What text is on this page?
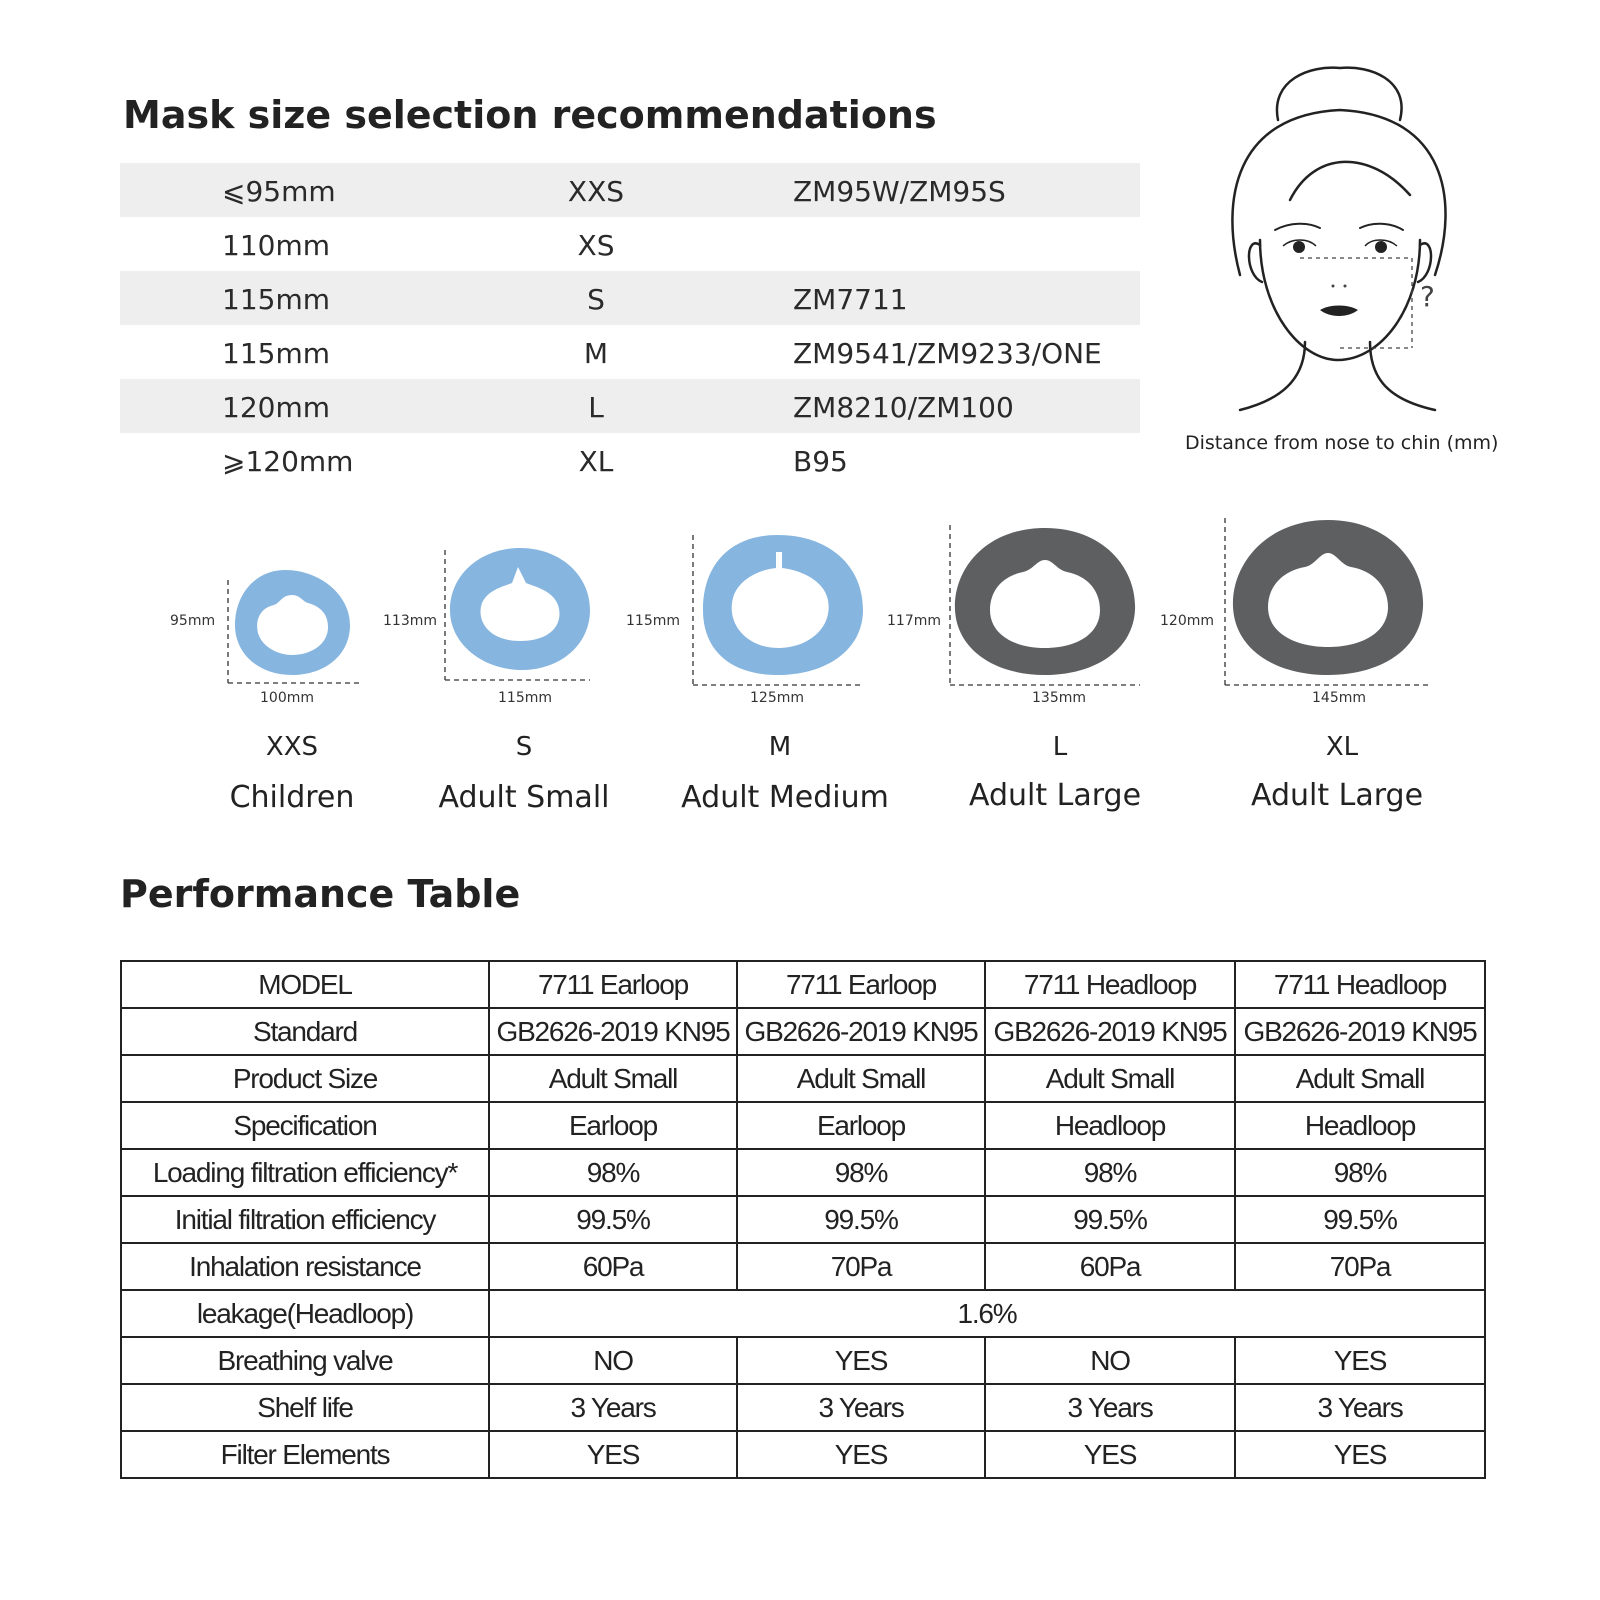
Mask size selection recommendations
⩽95mm	XXS	ZM95W/ZM95S
110mm	XS
115mm	S	ZM7711
115mm	M	ZM9541/ZM9233/ONE
120mm	L	ZM8210/ZM100
⩾120mm	XL	B95
?
Distance from nose to chin (mm)
95mm
100mm
XXS
Children
113mm
115mm
S
Adult Small
115mm
125mm
M
Adult Medium
117mm
135mm
L
Adult Large
120mm
145mm
XL
Adult Large
Performance Table
MODEL	7711 Earloop	7711 Earloop	7711 Headloop	7711 Headloop
Standard	GB2626-2019 KN95	GB2626-2019 KN95	GB2626-2019 KN95	GB2626-2019 KN95
Product Size	Adult Small	Adult Small	Adult Small	Adult Small
Specification	Earloop	Earloop	Headloop	Headloop
Loading filtration efficiency*	98%	98%	98%	98%
Initial filtration efficiency	99.5%	99.5%	99.5%	99.5%
Inhalation resistance	60Pa	70Pa	60Pa	70Pa
leakage(Headloop)	1.6%			
Breathing valve	NO	YES	NO	YES
Shelf life	3 Years	3 Years	3 Years	3 Years
Filter Elements	YES	YES	YES	YES
